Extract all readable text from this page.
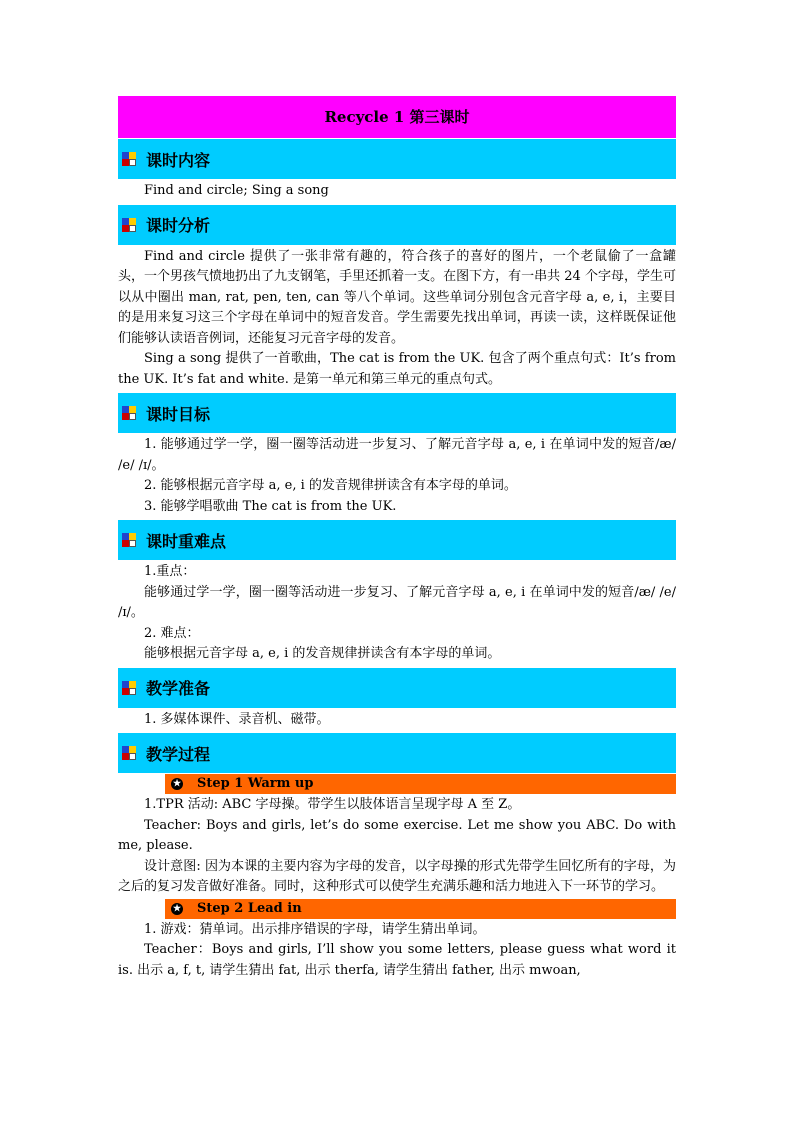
Recycle 1 第三课时
课时内容

Find and circle; Sing a song

课时分析

Find and circle 提供了一张非常有趣的，符合孩子的喜好的图片，一个老鼠偷了一盒罐头，一个男孩气愤地扔出了九支钢笔，手里还抓着一支。在图下方，有一串共 24 个字母，学生可以从中圈出 man, rat, pen, ten, can 等八个单词。这些单词分别包含元音字母 a, e, i，主要目的是用来复习这三个字母在单词中的短音发音。学生需要先找出单词，再读一读，这样既保证他们能够认读语音例词，还能复习元音字母的发音。

Sing a song 提供了一首歌曲，The cat is from the UK. 包含了两个重点句式：It’s from the UK. It’s fat and white. 是第一单元和第三单元的重点句式。

课时目标

1. 能够通过学一学，圈一圈等活动进一步复习、了解元音字母 a, e, i 在单词中发的短音/æ/ /e/ /ɪ/。

2. 能够根据元音字母 a, e, i 的发音规律拼读含有本字母的单词。

3. 能够学唱歌曲 The cat is from the UK.

课时重难点

1.重点：

能够通过学一学，圈一圈等活动进一步复习、了解元音字母 a, e, i 在单词中发的短音/æ/ /e/ /ɪ/。

2. 难点：

能够根据元音字母 a, e, i 的发音规律拼读含有本字母的单词。

教学准备

1. 多媒体课件、录音机、磁带。

教学过程
★ Step 1 Warm up

1.TPR 活动: ABC 字母操。带学生以肢体语言呈现字母 A 至 Z。

Teacher: Boys and girls, let’s do some exercise. Let me show you ABC. Do with me, please.

设计意图: 因为本课的主要内容为字母的发音，以字母操的形式先带学生回忆所有的字母，为之后的复习发音做好准备。同时，这种形式可以使学生充满乐趣和活力地进入下一环节的学习。

★ Step 2 Lead in

1. 游戏：猜单词。出示排序错误的字母，请学生猜出单词。

Teacher：Boys and girls, I’ll show you some letters, please guess what word it is. 出示 a, f, t, 请学生猜出 fat, 出示 therfa, 请学生猜出 father, 出示 mwoan,
